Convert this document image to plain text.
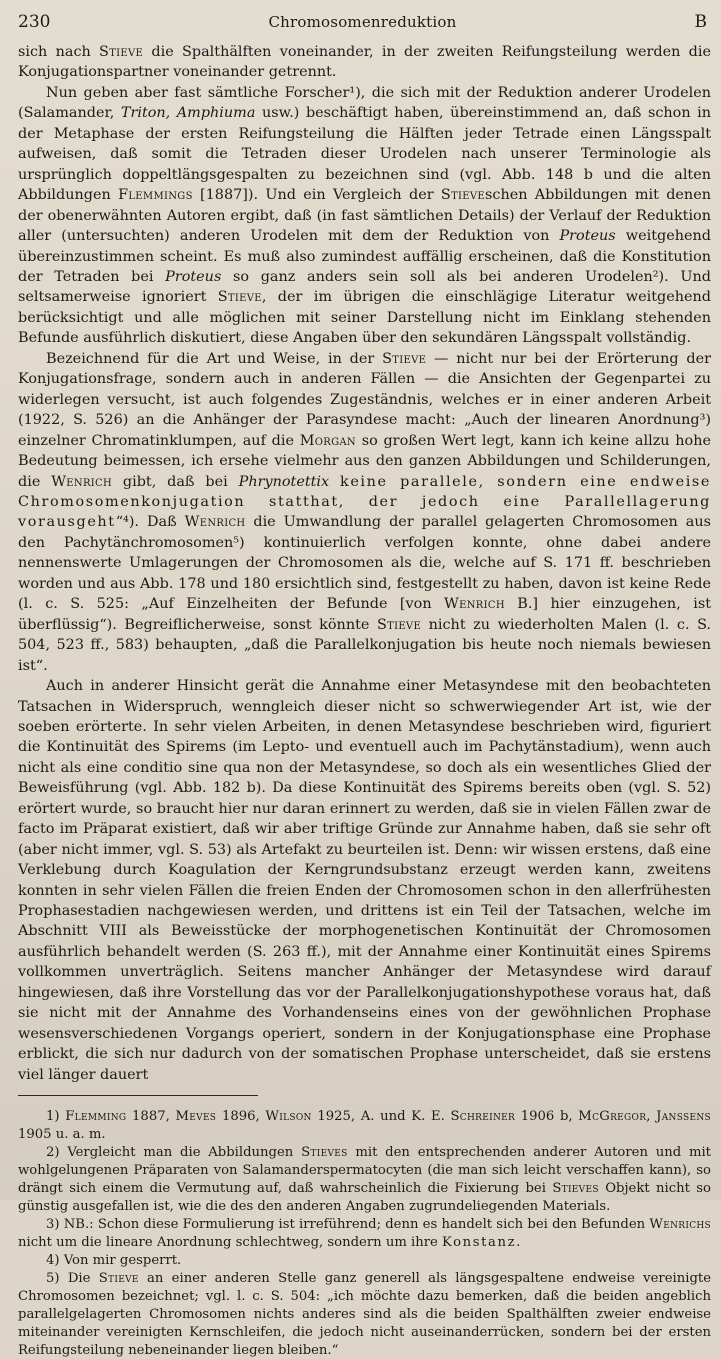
230	Chromosomenreduktion	B

sich nach Stieve die Spalthälften voneinander, in der zweiten Reifungsteilung werden die Konjugationspartner voneinander getrennt.

Nun geben aber fast sämtliche Forscher¹), die sich mit der Reduktion anderer Urodelen (Salamander, Triton, Amphiuma usw.) beschäftigt haben, übereinstimmend an, daß schon in der Metaphase der ersten Reifungsteilung die Hälften jeder Tetrade einen Längsspalt aufweisen, daß somit die Tetraden dieser Urodelen nach unserer Terminologie als ursprünglich doppeltlängsgespalten zu bezeichnen sind (vgl. Abb. 148 b und die alten Abbildungen Flemmings [1887]). Und ein Vergleich der Stieveschen Abbildungen mit denen der obenerwähnten Autoren ergibt, daß (in fast sämtlichen Details) der Verlauf der Reduktion aller (untersuchten) anderen Urodelen mit dem der Reduktion von Proteus weitgehend übereinzustimmen scheint. Es muß also zumindest auffällig erscheinen, daß die Konstitution der Tetraden bei Proteus so ganz anders sein soll als bei anderen Urodelen²). Und seltsamerweise ignoriert Stieve, der im übrigen die einschlägige Literatur weitgehend berücksichtigt und alle möglichen mit seiner Darstellung nicht im Einklang stehenden Befunde ausführlich diskutiert, diese Angaben über den sekundären Längsspalt vollständig.

Bezeichnend für die Art und Weise, in der Stieve — nicht nur bei der Erörterung der Konjugationsfrage, sondern auch in anderen Fällen — die Ansichten der Gegenpartei zu widerlegen versucht, ist auch folgendes Zugeständnis, welches er in einer anderen Arbeit (1922, S. 526) an die Anhänger der Parasyndese macht: „Auch der linearen Anordnung³) einzelner Chromatinklumpen, auf die Morgan so großen Wert legt, kann ich keine allzu hohe Bedeutung beimessen, ich ersehe vielmehr aus den ganzen Abbildungen und Schilderungen, die Wenrich gibt, daß bei Phrynotettix keine parallele, sondern eine endweise Chromosomenkonjugation statthat, der jedoch eine Parallellagerung vorausgeht“⁴). Daß Wenrich die Umwandlung der parallel gelagerten Chromosomen aus den Pachytänchromosomen⁵) kontinuierlich verfolgen konnte, ohne dabei andere nennenswerte Umlagerungen der Chromosomen als die, welche auf S. 171 ff. beschrieben worden und aus Abb. 178 und 180 ersichtlich sind, festgestellt zu haben, davon ist keine Rede (l. c. S. 525: „Auf Einzelheiten der Befunde [von Wenrich B.] hier einzugehen, ist überflüssig“). Begreiflicherweise, sonst könnte Stieve nicht zu wiederholten Malen (l. c. S. 504, 523 ff., 583) behaupten, „daß die Parallelkonjugation bis heute noch niemals bewiesen ist“.

Auch in anderer Hinsicht gerät die Annahme einer Metasyndese mit den beobachteten Tatsachen in Widerspruch, wenngleich dieser nicht so schwerwiegender Art ist, wie der soeben erörterte. In sehr vielen Arbeiten, in denen Metasyndese beschrieben wird, figuriert die Kontinuität des Spirems (im Lepto- und eventuell auch im Pachytänstadium), wenn auch nicht als eine conditio sine qua non der Metasyndese, so doch als ein wesentliches Glied der Beweisführung (vgl. Abb. 182 b). Da diese Kontinuität des Spirems bereits oben (vgl. S. 52) erörtert wurde, so braucht hier nur daran erinnert zu werden, daß sie in vielen Fällen zwar de facto im Präparat existiert, daß wir aber triftige Gründe zur Annahme haben, daß sie sehr oft (aber nicht immer, vgl. S. 53) als Artefakt zu beurteilen ist. Denn: wir wissen erstens, daß eine Verklebung durch Koagulation der Kerngrundsubstanz erzeugt werden kann, zweitens konnten in sehr vielen Fällen die freien Enden der Chromosomen schon in den allerfrühesten Prophasestadien nachgewiesen werden, und drittens ist ein Teil der Tatsachen, welche im Abschnitt VIII als Beweisstücke der morphogenetischen Kontinuität der Chromosomen ausführlich behandelt werden (S. 263 ff.), mit der Annahme einer Kontinuität eines Spirems vollkommen unverträglich. Seitens mancher Anhänger der Metasyndese wird darauf hingewiesen, daß ihre Vorstellung das vor der Parallelkonjugationshypothese voraus hat, daß sie nicht mit der Annahme des Vorhandenseins eines von der gewöhnlichen Prophase wesensverschiedenen Vorgangs operiert, sondern in der Konjugationsphase eine Prophase erblickt, die sich nur dadurch von der somatischen Prophase unterscheidet, daß sie erstens viel länger dauert

1) Flemming 1887, Meves 1896, Wilson 1925, A. und K. E. Schreiner 1906 b, McGregor, Janssens 1905 u. a. m.

2) Vergleicht man die Abbildungen Stieves mit den entsprechenden anderer Autoren und mit wohlgelungenen Präparaten von Salamanderspermatocyten (die man sich leicht verschaffen kann), so drängt sich einem die Vermutung auf, daß wahrscheinlich die Fixierung bei Stieves Objekt nicht so günstig ausgefallen ist, wie die des den anderen Angaben zugrundeliegenden Materials.

3) NB.: Schon diese Formulierung ist irreführend; denn es handelt sich bei den Befunden Wenrichs nicht um die lineare Anordnung schlechtweg, sondern um ihre Konstanz.

4) Von mir gesperrt.

5) Die Stieve an einer anderen Stelle ganz generell als längsgespaltene endweise vereinigte Chromosomen bezeichnet; vgl. l. c. S. 504: „ich möchte dazu bemerken, daß die beiden angeblich parallelgelagerten Chromosomen nichts anderes sind als die beiden Spalthälften zweier endweise miteinander vereinigten Kernschleifen, die jedoch nicht auseinanderrücken, sondern bei der ersten Reifungsteilung nebeneinander liegen bleiben.“
